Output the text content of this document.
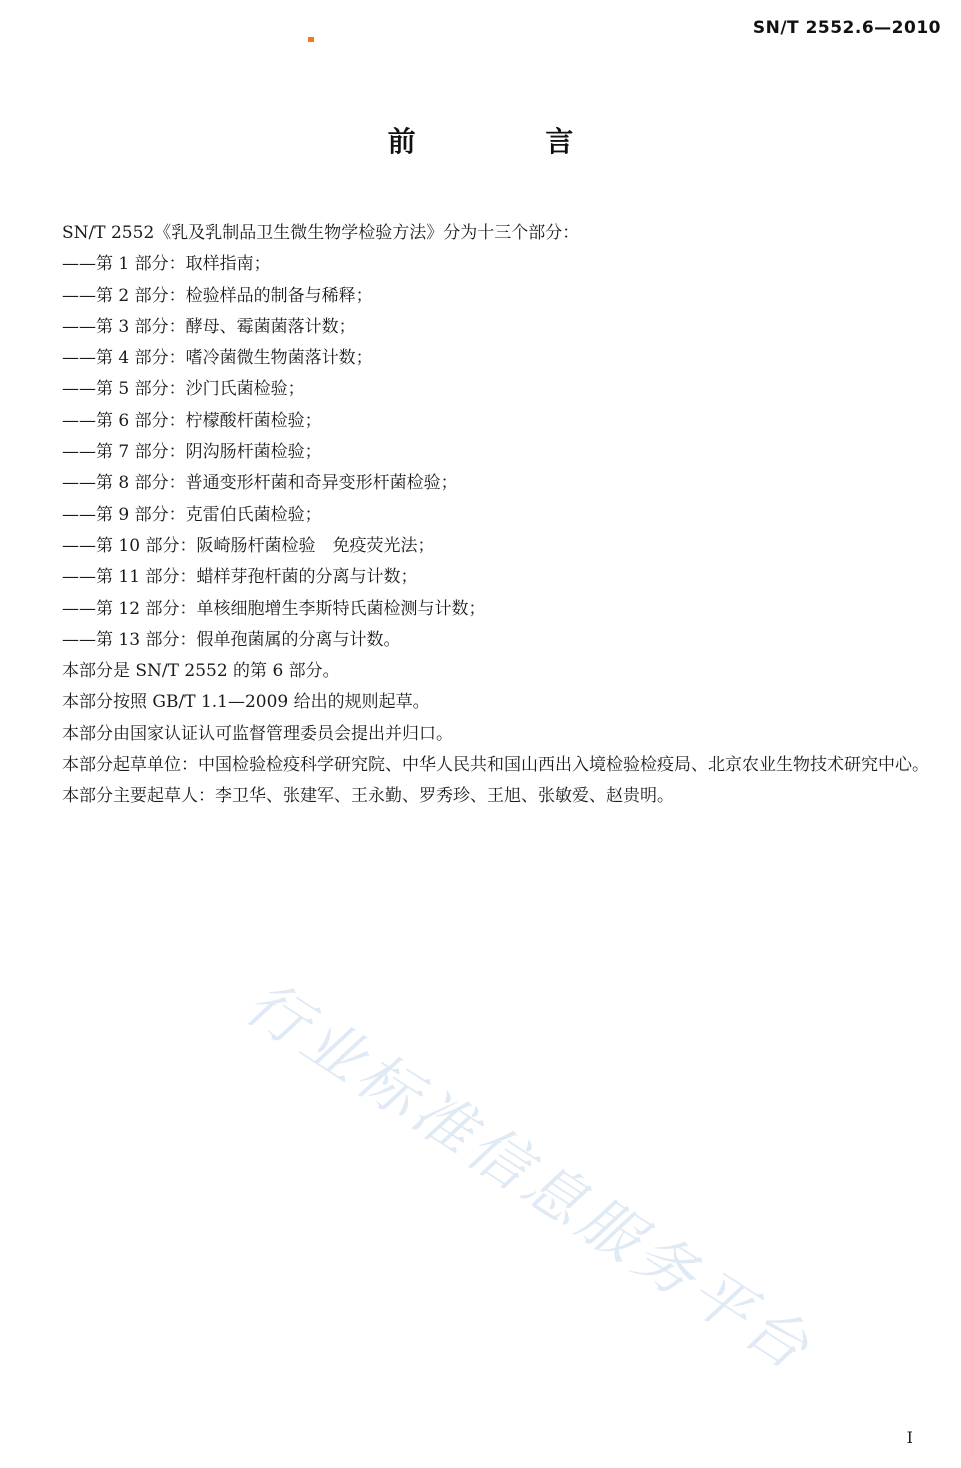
SN/T 2552.6—2010
前 言
行业标准信息服务平台

SN/T 2552《乳及乳制品卫生微生物学检验方法》分为十三个部分：

——第 1 部分：取样指南；

——第 2 部分：检验样品的制备与稀释；

——第 3 部分：酵母、霉菌菌落计数；

——第 4 部分：嗜冷菌微生物菌落计数；

——第 5 部分：沙门氏菌检验；

——第 6 部分：柠檬酸杆菌检验；

——第 7 部分：阴沟肠杆菌检验；

——第 8 部分：普通变形杆菌和奇异变形杆菌检验；

——第 9 部分：克雷伯氏菌检验；

——第 10 部分：阪崎肠杆菌检验　免疫荧光法；

——第 11 部分：蜡样芽孢杆菌的分离与计数；

——第 12 部分：单核细胞增生李斯特氏菌检测与计数；

——第 13 部分：假单孢菌属的分离与计数。

本部分是 SN/T 2552 的第 6 部分。

本部分按照 GB/T 1.1—2009 给出的规则起草。

本部分由国家认证认可监督管理委员会提出并归口。

本部分起草单位：中国检验检疫科学研究院、中华人民共和国山西出入境检验检疫局、北京农业生物技术研究中心。

本部分主要起草人：李卫华、张建军、王永勤、罗秀珍、王旭、张敏爱、赵贵明。

I
